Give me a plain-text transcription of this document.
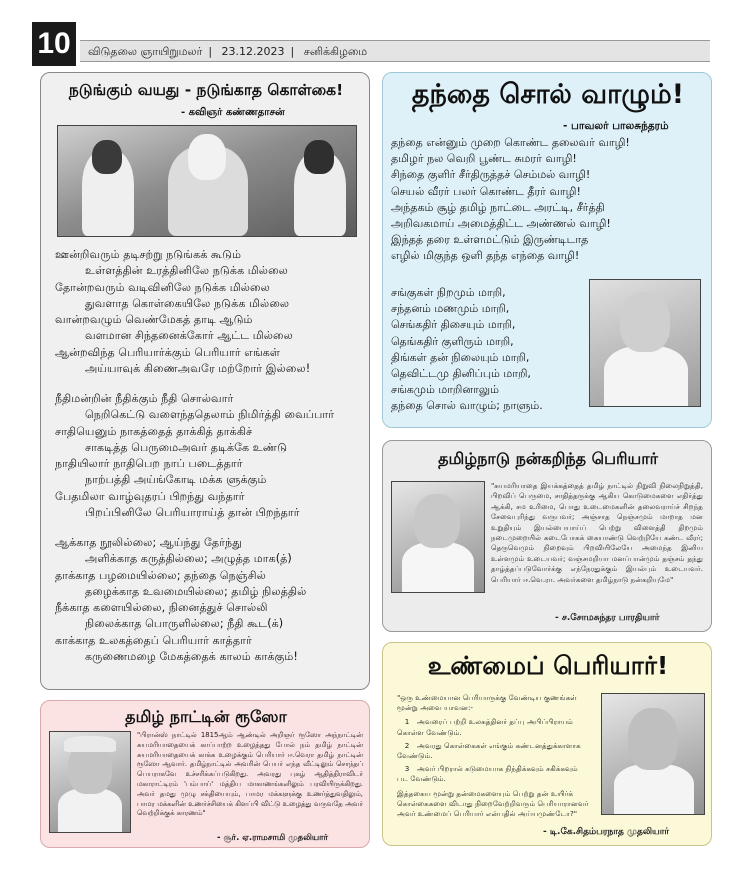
10	விடுதலை ஞாயிறுமலர் | 23.12.2023 | சனிக்கிழமை
நடுங்கும் வயது - நடுங்காத கொள்கை!
- கவிஞர் கண்ணதாசன்
ஊன்றிவரும் தடிசற்று நடுங்கக் கூடும்
உள்ளத்தின் உரத்தினிலே நடுக்க மில்லை
தோன்றவரும் வடிவினிலே நடுக்க மில்லை
துவளாத கொள்கையிலே நடுக்க மில்லை
வான்றவழும் வெண்மேகத் தாடி ஆடும்
வளமான சிந்தனைக்கோர் ஆட்ட மில்லை
ஆன்றவிந்த பெரியார்க்கும் பெரியார் எங்கள்
அய்யாவுக் கிணைஅவரே மற்றோர் இல்லை!
நீதிமன்றின் நீதிக்கும் நீதி சொல்வார்
நெறிகெட்டு வளைந்ததெலாம் நிமிர்த்தி வைப்பார்
சாதியெனும் நாகத்தைத் தாக்கித் தாக்கிச்
சாகடித்த பெருமைஅவர் தடிக்கே உண்டு
நாதியிலார் நாதிபெற நாப் படைத்தார்
நாற்பத்தி அய்ங்கோடி மக்க ளுக்கும்
பேதமிலா வாழ்வுதரப் பிறந்து வந்தார்
பிறப்பினிலே பெரியாராய்த் தான் பிறந்தார்
ஆக்காத நூலில்லை; ஆய்ந்து தேர்ந்து
அளிக்காத கருத்தில்லை; அழுத்த மாக(த்)
தாக்காத பழமையில்லை; தந்தை நெஞ்சில்
தழைக்காத உவமையில்லை; தமிழ் நிலத்தில்
நீக்காத களையில்லை, நினைத்துச் சொல்லி
நிலைக்காத பொருளில்லை; நீதி கூட(க்)
காக்காத உலகத்தைப் பெரியார் காத்தார்
கருணைமழை மேகத்தைக் காலம் காக்கும்!
தந்தை சொல் வாழும்!
- பாவலர் பாலசுந்தரம்
தந்தை என்னும் முறை கொண்ட தலைவர் வாழி!
தமிழர் நல வெறி பூண்ட சுமரர் வாழி!
சிந்தை குளிர் சீர்திருத்தச் செம்மல் வாழி!
செயல் வீரர் பலர் கொண்ட தீரர் வாழி!
அந்தகம் சூழ் தமிழ் நாட்டை அரட்டி, சீர்த்தி
அறிவகமாய் அமைத்திட்ட அண்ணல் வாழி!
இந்தத் தரை உள்ளமட்டும் இருண்டிடாத
எழில் மிகுந்த ஒளி தந்த எந்தை வாழி!
சங்குகள் நிறமும் மாறி,
சந்தனம் மணமும் மாறி,
செங்கதிர் திசையும் மாறி,
தெங்கதிர் குளிரும் மாறி,
திங்கள் தன் நிலையும் மாறி,
தெவிட்டமு தினிப்பும் மாறி,
சங்கமும் மாறினாலும்
தந்தை சொல் வாழும்; நாளும்.
தமிழ்நாடு நன்கறிந்த பெரியார்
"சுயமரியாதை இயக்கத்தைத் தமிழ் நாட்டில் நிறுவி நிலைநிறுத்தி, பிறவிப் பெருமை, சாதித்தருக்கு ஆகிய கொடுமைகளை எதிர்த்து ஆக்கி, சம உரிமை, பொது உடைமைகளின் தலைவராய்ச் சிறந்த சேவைபுரிந்து வருபவர்; அஞ்சாத நெஞ்சமும் மாறாத மன உறுதியும் இயல்பையாய்ப் பெற்று விளைத்தி திறமும் நடைமுறையில் கடைபோகக் கையாண்டு வெற்றியே கண்ட வீரர்; தெருவெமும் நிறைவும் பிறவியிலேயே அமைந்த இனிய உள்ளமும் உடையவர்; வஞ்சமறியா மனப்பான்மும் தஞ்சம் தந்து தாழ்த்தப்படுவோர்க்கு எந்நேரதுக்கும் இயல்பும் உடையவர். பெரியார் ஈ.வெ.ரா. அவர்களை தமிழ்நாடு நன்கறியுமே"
- ச.சோமசுந்தர பாரதியார்
உண்மைப் பெரியார்!
"ஒரு உண்மையான பெரியாருக்கு வேண்டிய குணங்கள் மூன்று அவை யாவன:-
1 அவரைப் பற்றி உலகத்தினர் தப்பு அபிப்பிராயம் கொள்ள வேண்டும்.
2 அவரது கொள்கைகள் எங்கும் கண்டனத்துக்காளாக வேண்டும்.
3 அவர் பிறரால் கடுமையாக நிந்திக்கவும் சகிக்கவும் பட வேண்டும்.
இத்தகைய மூன்று தன்மைகளையும் பெற்று தன் உயிர்க் கொள்கைகளை விடாது நிறைவேற்றிவரும் பெரியாரானவர் அவர் உண்மைப் பெரியார் என்பதில் அய்யமுண்டோ?"
- டி.கே.சிதம்பரநாத முதலியார்
தமிழ் நாட்டின் ரூஸோ
"பிரான்ஸ் நாட்டில் 1815ஆம் ஆண்டில் அறிஞர் ரூஸோ அந்நாட்டின் சுயமரியாதையைக் காப்பாற்ற உழைத்தது போல் நம் தமிழ் நாட்டின் சுயமரியாதையைக் காக்க உழைக்கும் பெரியார் ஈ.வெரா தமிழ் நாட்டின் ரூஸோ ஆவார். தமிழ்நாட்டில் அவரின் பெயர் எந்த வீட்டிலும் சொந்தப் பெயராகவே உச்சரிக்கப்படுகிறது. அவரது புகழ் ஆதித்திராவிடர் மகாராட்டிரம் 'பம்பாய்' மத்திய மாகாணங்களிலும் பரவியிருக்கிறது. அவர் தமது முழு சக்தியையும், பாமர மக்களுக்கு உணர்த்துவதிலும், பாமர மக்களின் உணர்ச்சியைக் கிளப்பி விட்டு உழைத்து வருவதே அவர் வெற்றிக்குக் காரணம்"
- சூர். ஏ.ராமசாமி முதலியார்
